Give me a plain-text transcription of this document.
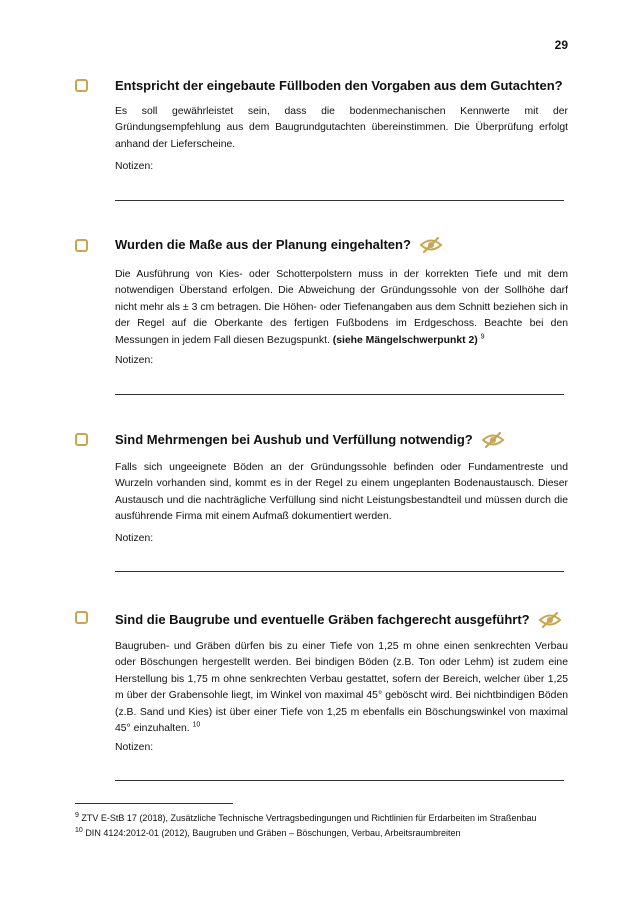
29
Entspricht der eingebaute Füllboden den Vorgaben aus dem Gutachten?
Es soll gewährleistet sein, dass die bodenmechanischen Kennwerte mit der Gründungsempfehlung aus dem Baugrundgutachten übereinstimmen. Die Überprüfung erfolgt anhand der Lieferscheine.
Notizen:
Wurden die Maße aus der Planung eingehalten?
Die Ausführung von Kies- oder Schotterpolstern muss in der korrekten Tiefe und mit dem notwendigen Überstand erfolgen. Die Abweichung der Gründungssohle von der Sollhöhe darf nicht mehr als ± 3 cm betragen. Die Höhen- oder Tiefenangaben aus dem Schnitt beziehen sich in der Regel auf die Oberkante des fertigen Fußbodens im Erdgeschoss. Beachte bei den Messungen in jedem Fall diesen Bezugspunkt. (siehe Mängelschwerpunkt 2) $^9$
Notizen:
Sind Mehrmengen bei Aushub und Verfüllung notwendig?
Falls sich ungeeignete Böden an der Gründungssohle befinden oder Fundamentreste und Wurzeln vorhanden sind, kommt es in der Regel zu einem ungeplanten Bodenaustausch. Dieser Austausch und die nachträgliche Verfüllung sind nicht Leistungsbestandteil und müssen durch die ausführende Firma mit einem Aufmaß dokumentiert werden.
Notizen:
Sind die Baugrube und eventuelle Gräben fachgerecht ausgeführt?
Baugruben- und Gräben dürfen bis zu einer Tiefe von 1,25 m ohne einen senkrechten Verbau oder Böschungen hergestellt werden. Bei bindigen Böden (z.B. Ton oder Lehm) ist zudem eine Herstellung bis 1,75 m ohne senkrechten Verbau gestattet, sofern der Bereich, welcher über 1,25 m über der Grabensohle liegt, im Winkel von maximal 45° geböscht wird. Bei nichtbindigen Böden (z.B. Sand und Kies) ist über einer Tiefe von 1,25 m ebenfalls ein Böschungswinkel von maximal 45° einzuhalten. $^{10}$
Notizen:
$^9$ ZTV E-StB 17 (2018), Zusätzliche Technische Vertragsbedingungen und Richtlinien für Erdarbeiten im Straßenbau
$^{10}$ DIN 4124:2012-01 (2012), Baugruben und Gräben – Böschungen, Verbau, Arbeitsraumbreiten
